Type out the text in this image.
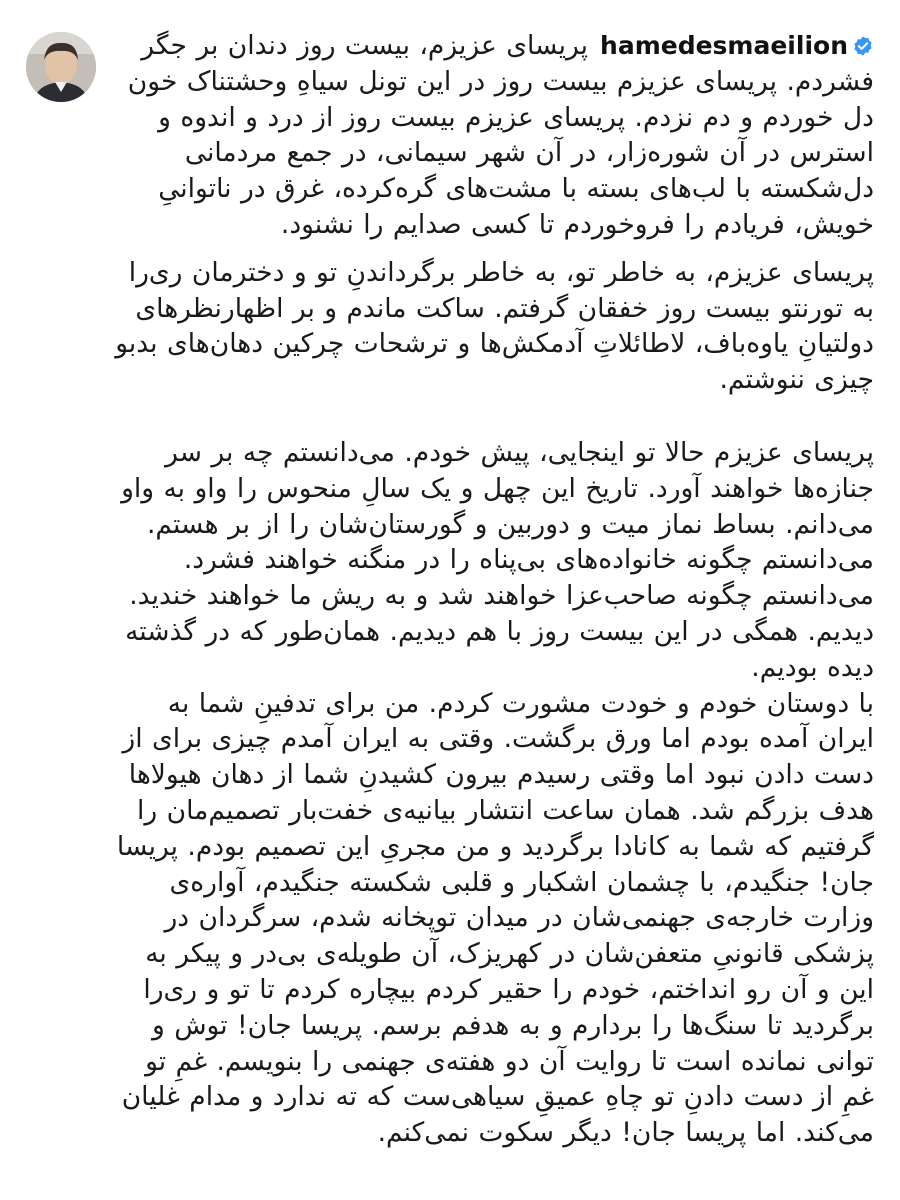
hamedesmaeilionپریسای عزیزم، بیست روز دندان بر جگر فشردم. پریسای عزیزم بیست روز در این تونل سیاهِ وحشتناک خون دل خوردم و دم نزدم. پریسای عزیزم بیست روز از درد و اندوه و استرس در آن شوره‌زار، در آن شهر سیمانی، در جمع مردمانی دل‌شکسته با لب‌های بسته با مشت‌های گره‌کرده، غرق در ناتوانیِ خویش، فریادم را فروخوردم تا کسی صدایم را نشنود.

پریسای عزیزم، به خاطر تو، به خاطر برگرداندنِ تو و دخترمان ری‌را به تورنتو بیست روز خفقان گرفتم. ساکت ماندم و بر اظهارنظرهای دولتیانِ یاوه‌باف، لاطائلاتِ آدمکش‌ها و ترشحات چرکین دهان‌های بدبو چیزی ننوشتم.

پریسای عزیزم حالا تو اینجایی، پیش خودم. می‌دانستم چه بر سر جنازه‌ها خواهند آورد. تاریخ این چهل و یک سالِ منحوس را واو به واو می‌دانم. بساط نماز میت و دوربین و گورستان‌شان را از بر هستم. می‌دانستم چگونه خانواده‌های بی‌پناه را در منگنه خواهند فشرد. می‌دانستم چگونه صاحب‌عزا خواهند شد و به ریش ما خواهند خندید. دیدیم. همگی در این بیست روز با هم دیدیم. همان‌طور که در گذشته دیده بودیم.

با دوستان خودم و خودت مشورت کردم. من برای تدفینِ شما به ایران آمده بودم اما ورق برگشت. وقتی به ایران آمدم چیزی برای از دست دادن نبود اما وقتی رسیدم بیرون کشیدنِ شما از دهان هیولاها هدف بزرگم شد. همان ساعت انتشار بیانیه‌ی خفت‌بار تصمیم‌مان را گرفتیم که شما به کانادا برگردید و من مجریِ این تصمیم بودم. پریسا جان! جنگیدم، با چشمان اشکبار و قلبی شکسته جنگیدم، آواره‌ی وزارت خارجه‌ی جهنمی‌شان در میدان توپخانه شدم، سرگردان در پزشکی قانونیِ متعفن‌شان در کهریزک، آن طویله‌ی بی‌در و پیکر به این و آن رو انداختم، خودم را حقیر کردم بیچاره کردم تا تو و ری‌را برگردید تا سنگ‌ها را بردارم و به هدفم برسم. پریسا جان! توش و توانی نمانده است تا روایت آن دو هفته‌ی جهنمی را بنویسم. غمِ تو غمِ از دست دادنِ تو چاهِ عمیقِ سیاهی‌ست که ته ندارد و مدام غلیان می‌کند. اما پریسا جان! دیگر سکوت نمی‌کنم.
